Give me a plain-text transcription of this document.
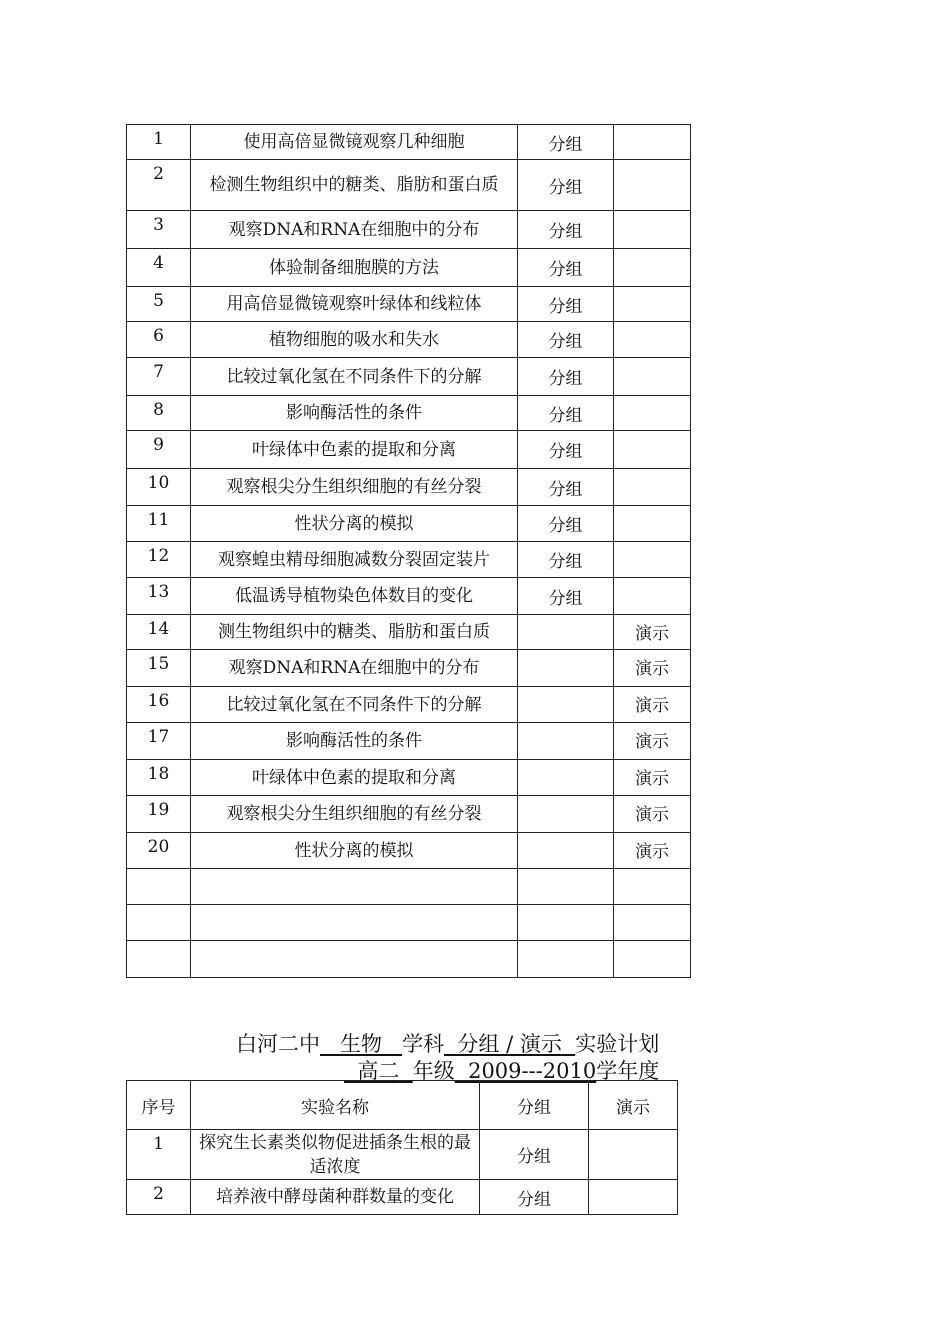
1	使用高倍显微镜观察几种细胞	分组	
2	检测生物组织中的糖类、脂肪和蛋白质	分组	
3	观察DNA和RNA在细胞中的分布	分组	
4	体验制备细胞膜的方法	分组	
5	用高倍显微镜观察叶绿体和线粒体	分组	
6	植物细胞的吸水和失水	分组	
7	比较过氧化氢在不同条件下的分解	分组	
8	影响酶活性的条件	分组	
9	叶绿体中色素的提取和分离	分组	
10	观察根尖分生组织细胞的有丝分裂	分组	
11	性状分离的模拟	分组	
12	观察蝗虫精母细胞减数分裂固定装片	分组	
13	低温诱导植物染色体数目的变化	分组	
14	测生物组织中的糖类、脂肪和蛋白质		演示
15	观察DNA和RNA在细胞中的分布		演示
16	比较过氧化氢在不同条件下的分解		演示
17	影响酶活性的条件		演示
18	叶绿体中色素的提取和分离		演示
19	观察根尖分生组织细胞的有丝分裂		演示
20	性状分离的模拟		演示

白河二中 生物 学科 分组 / 演示 实验计划
高二 年级 2009---2010学年度
序号	实验名称	分组	演示
1	探究生长素类似物促进插条生根的最适浓度	分组	
2	培养液中酵母菌种群数量的变化	分组	
